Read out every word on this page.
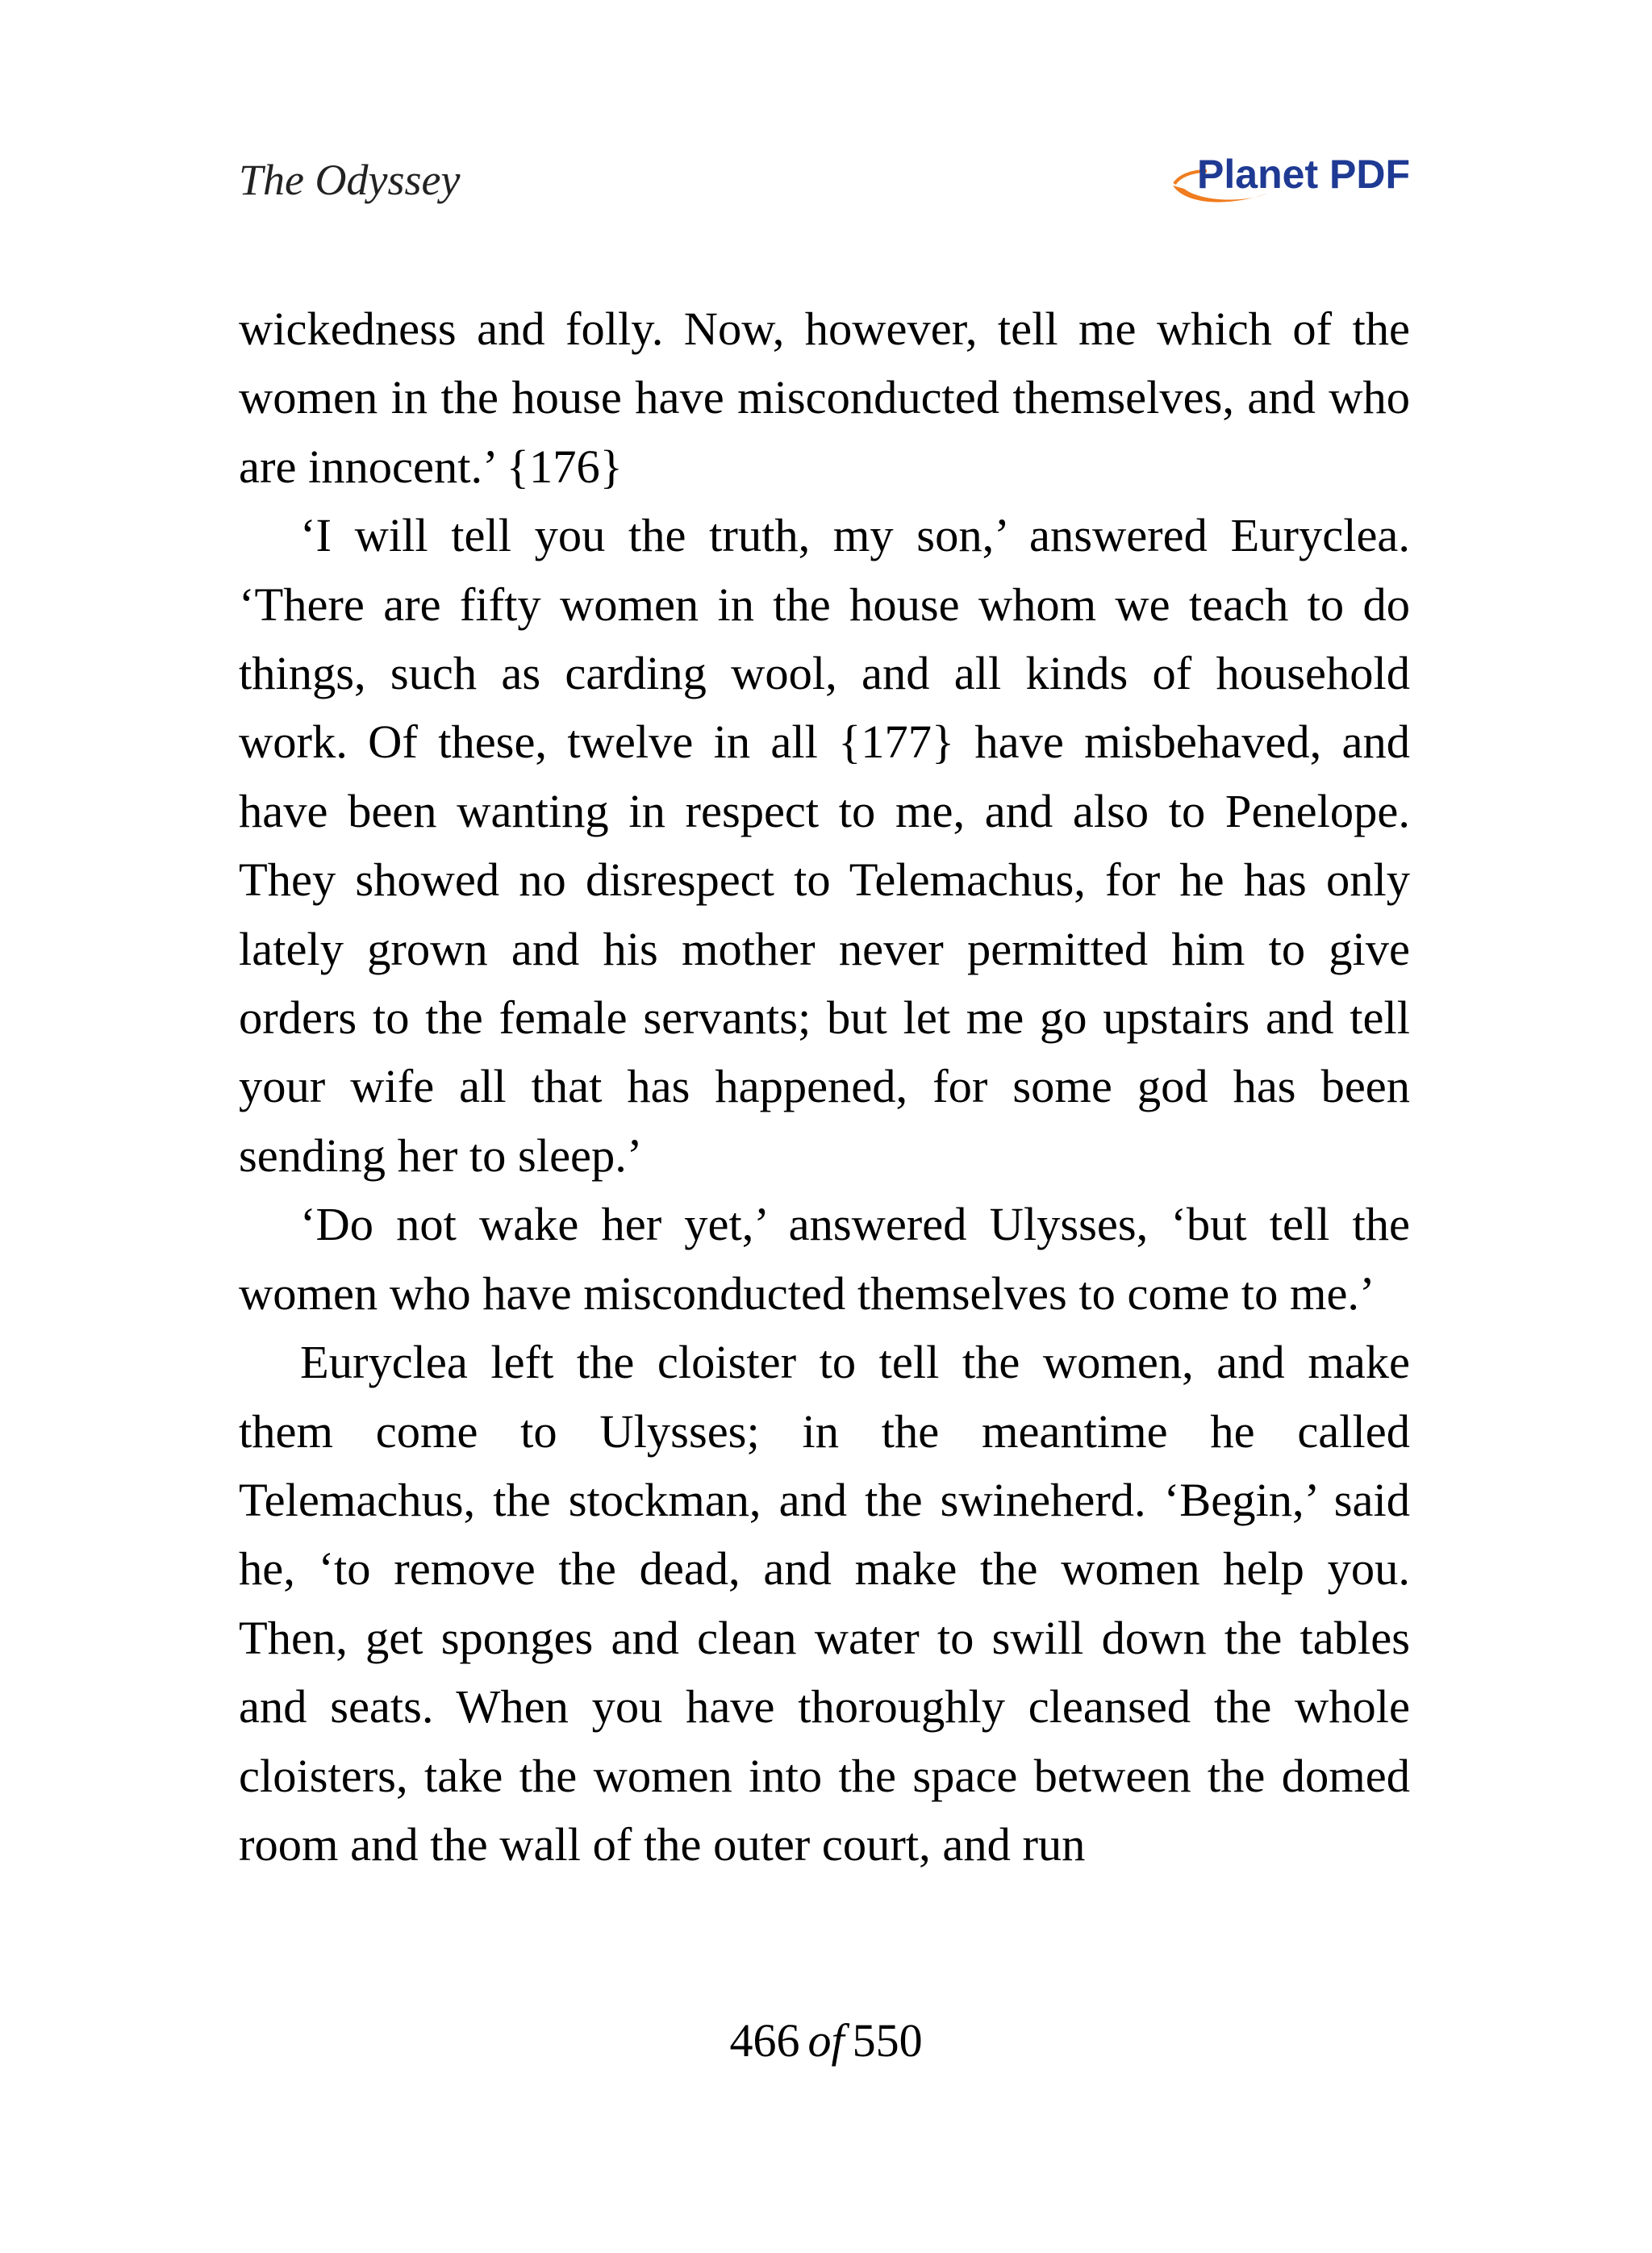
The Odyssey	Planet PDF

wickedness and folly. Now, however, tell me which of the women in the house have misconducted themselves, and who are innocent.’ {176}

‘I will tell you the truth, my son,’ answered Euryclea. ‘There are fifty women in the house whom we teach to do things, such as carding wool, and all kinds of household work. Of these, twelve in all {177} have misbehaved, and have been wanting in respect to me, and also to Penelope. They showed no disrespect to Telemachus, for he has only lately grown and his mother never permitted him to give orders to the female servants; but let me go upstairs and tell your wife all that has happened, for some god has been sending her to sleep.’

‘Do not wake her yet,’ answered Ulysses, ‘but tell the women who have misconducted themselves to come to me.’

Euryclea left the cloister to tell the women, and make them come to Ulysses; in the meantime he called Telemachus, the stockman, and the swineherd. ‘Begin,’ said he, ‘to remove the dead, and make the women help you. Then, get sponges and clean water to swill down the tables and seats. When you have thoroughly cleansed the whole cloisters, take the women into the space between the domed room and the wall of the outer court, and run

466 of 550
